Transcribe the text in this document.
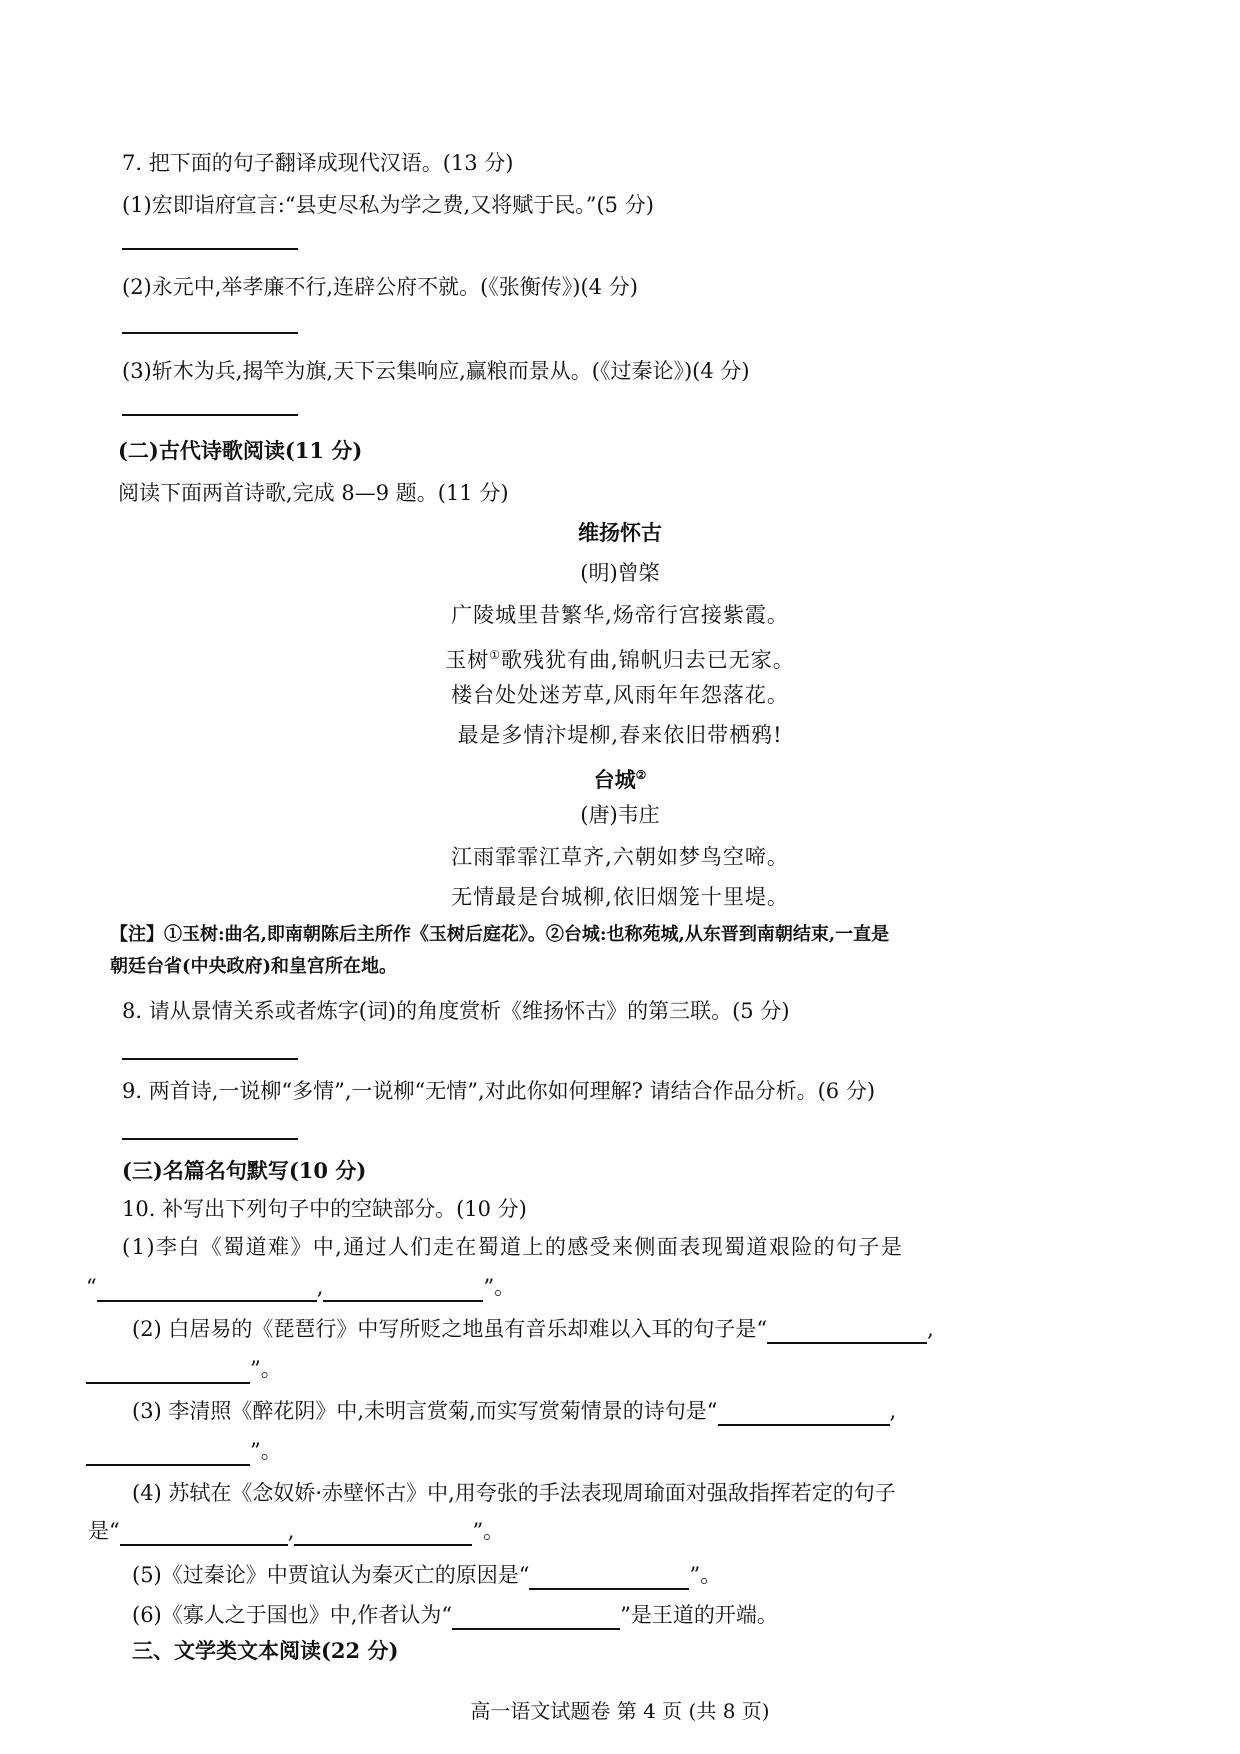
7. 把下面的句子翻译成现代汉语。(13 分)
(1)宏即诣府宣言:“县吏尽私为学之费,又将赋于民。”(5 分)
(2)永元中,举孝廉不行,连辟公府不就。(《张衡传》)(4 分)
(3)斩木为兵,揭竿为旗,天下云集响应,赢粮而景从。(《过秦论》)(4 分)
(二)古代诗歌阅读(11 分)
阅读下面两首诗歌,完成 8—9 题。(11 分)
维扬怀古
(明)曾棨
广陵城里昔繁华,炀帝行宫接紫霞。
玉树①歌残犹有曲,锦帆归去已无家。
楼台处处迷芳草,风雨年年怨落花。
最是多情汴堤柳,春来依旧带栖鸦!
台城②
(唐)韦庄
江雨霏霏江草齐,六朝如梦鸟空啼。
无情最是台城柳,依旧烟笼十里堤。
【注】①玉树:曲名,即南朝陈后主所作《玉树后庭花》。②台城:也称苑城,从东晋到南朝结束,一直是
朝廷台省(中央政府)和皇宫所在地。
8. 请从景情关系或者炼字(词)的角度赏析《维扬怀古》的第三联。(5 分)
9. 两首诗,一说柳“多情”,一说柳“无情”,对此你如何理解? 请结合作品分析。(6 分)
(三)名篇名句默写(10 分)
10. 补写出下列句子中的空缺部分。(10 分)
(1)李白《蜀道难》中,通过人们走在蜀道上的感受来侧面表现蜀道艰险的句子是
“	,	”。
(2) 白居易的《琵琶行》中写所贬之地虽有音乐却难以入耳的句子是“	,
”。
(3) 李清照《醉花阴》中,未明言赏菊,而实写赏菊情景的诗句是“	,
”。
(4) 苏轼在《念奴娇·赤壁怀古》中,用夸张的手法表现周瑜面对强敌指挥若定的句子
是“	,	”。
(5)《过秦论》中贾谊认为秦灭亡的原因是“	”。
(6)《寡人之于国也》中,作者认为“	”是王道的开端。
三、文学类文本阅读(22 分)
高一语文试题卷 第 4 页 (共 8 页)
